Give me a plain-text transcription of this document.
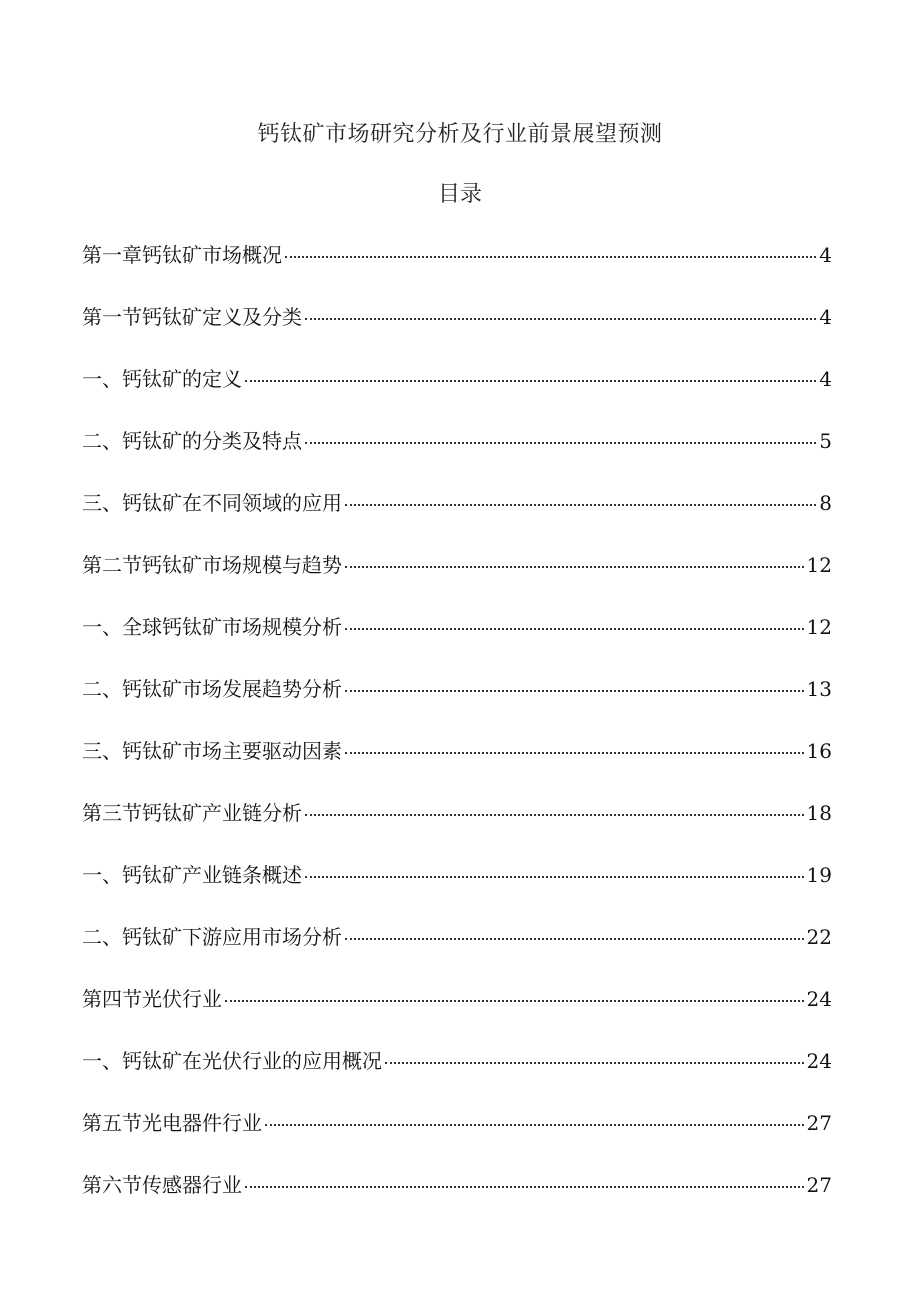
钙钛矿市场研究分析及行业前景展望预测
目录
第一章钙钛矿市场概况	4
第一节钙钛矿定义及分类	4
一、钙钛矿的定义	4
二、钙钛矿的分类及特点	5
三、钙钛矿在不同领域的应用	8
第二节钙钛矿市场规模与趋势	12
一、全球钙钛矿市场规模分析	12
二、钙钛矿市场发展趋势分析	13
三、钙钛矿市场主要驱动因素	16
第三节钙钛矿产业链分析	18
一、钙钛矿产业链条概述	19
二、钙钛矿下游应用市场分析	22
第四节光伏行业	24
一、钙钛矿在光伏行业的应用概况	24
第五节光电器件行业	27
第六节传感器行业	27
